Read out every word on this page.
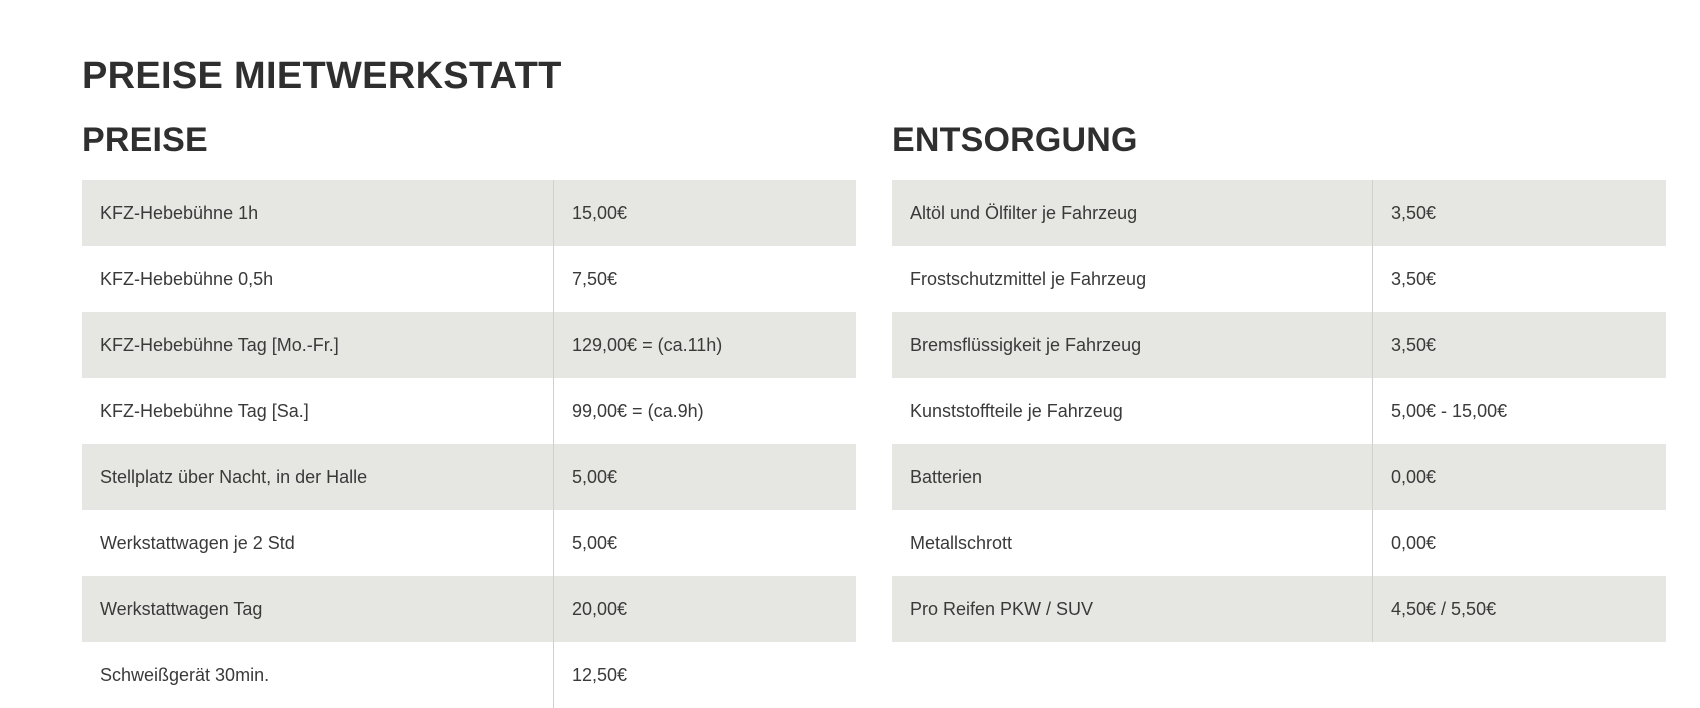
PREISE MIETWERKSTATT
PREISE
KFZ-Hebebühne 1h	15,00€
KFZ-Hebebühne 0,5h	7,50€
KFZ-Hebebühne Tag [Mo.-Fr.]	129,00€ = (ca.11h)
KFZ-Hebebühne Tag [Sa.]	99,00€ = (ca.9h)
Stellplatz über Nacht, in der Halle	5,00€
Werkstattwagen je 2 Std	5,00€
Werkstattwagen Tag	20,00€
Schweißgerät 30min.	12,50€
ENTSORGUNG
Altöl und Ölfilter je Fahrzeug	3,50€
Frostschutzmittel je Fahrzeug	3,50€
Bremsflüssigkeit je Fahrzeug	3,50€
Kunststoffteile je Fahrzeug	5,00€ - 15,00€
Batterien	0,00€
Metallschrott	0,00€
Pro Reifen PKW / SUV	4,50€ / 5,50€
